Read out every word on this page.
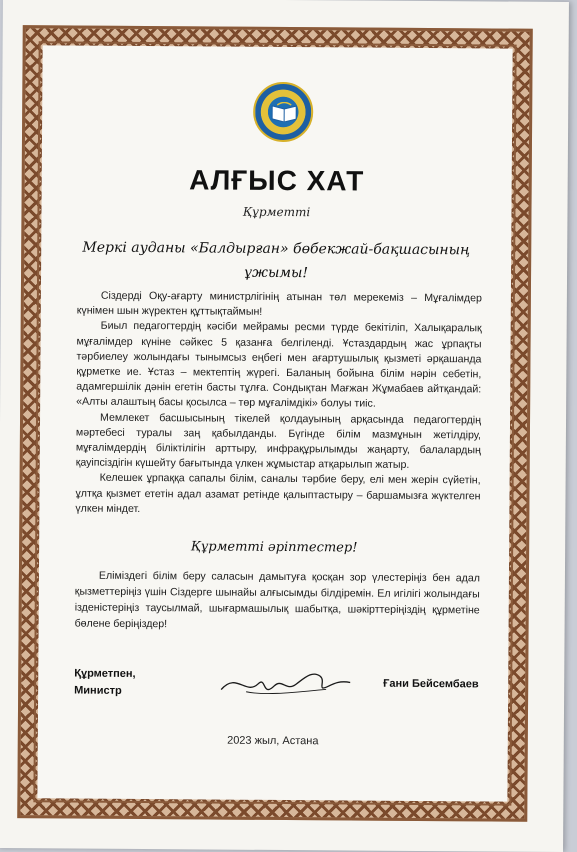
АЛҒЫС ХАТ
Құрметті
Меркі ауданы «Балдырған» бөбекжай-бақшасының
ұжымы!

Сіздерді Оқу-ағарту министрлігінің атынан төл мерекеміз – Мұғалімдер күнімен шын жүректен құттықтаймын!

Биыл педагогтердің кәсіби мейрамы ресми түрде бекітіліп, Халықаралық мұғалімдер күніне сәйкес 5 қазанға белгіленді. Ұстаздардың жас ұрпақты тәрбиелеу жолындағы тынымсыз еңбегі мен ағартушылық қызметі әрқашанда құрметке ие. Ұстаз – мектептің жүрегі. Баланың бойына білім нәрін себетін, адамгершілік дәнін егетін басты тұлға. Сондықтан Мағжан Жұмабаев айтқандай: «Алты алаштың басы қосылса – төр мұғалімдікі» болуы тиіс.

Мемлекет басшысының тікелей қолдауының арқасында педагогтердің мәртебесі туралы заң қабылданды. Бүгінде білім мазмұнын жетілдіру, мұғалімдердің біліктілігін арттыру, инфрақұрылымды жаңарту, балалардың қауіпсіздігін күшейту бағытында үлкен жұмыстар атқарылып жатыр.

Келешек ұрпаққа сапалы білім, саналы тәрбие беру, елі мен жерін сүйетін, ұлтқа қызмет ететін адал азамат ретінде қалыптастыру – баршамызға жүктелген үлкен міндет.

Құрметті әріптестер!

Еліміздегі білім беру саласын дамытуға қосқан зор үлестеріңіз бен адал қызметтеріңіз үшін Сіздерге шынайы алғысымды білдіремін. Ел игілігі жолындағы ізденістеріңіз таусылмай, шығармашылық шабытқа, шәкірттеріңіздің құрметіне бөлене беріңіздер!

Құрметпен,
Министр
Ғани Бейсембаев
2023 жыл, Астана
